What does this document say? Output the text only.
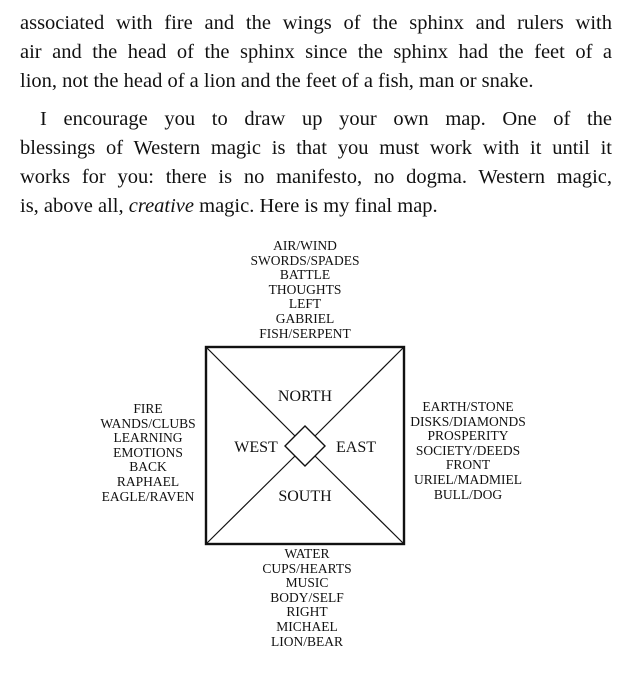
associated with fire and the wings of the sphinx and rulers with
air and the head of the sphinx since the sphinx had the feet of a
lion, not the head of a lion and the feet of a fish, man or snake.

I encourage you to draw up your own map. One of the
blessings of Western magic is that you must work with it until it
works for you: there is no manifesto, no dogma. Western magic,
is, above all, creative magic. Here is my final map.

AIR/WIND
SWORDS/SPADES
BATTLE
THOUGHTS
LEFT
GABRIEL
FISH/SERPENT
FIRE
WANDS/CLUBS
LEARNING
EMOTIONS
BACK
RAPHAEL
EAGLE/RAVEN
EARTH/STONE
DISKS/DIAMONDS
PROSPERITY
SOCIETY/DEEDS
FRONT
URIEL/MADMIEL
BULL/DOG
WATER
CUPS/HEARTS
MUSIC
BODY/SELF
RIGHT
MICHAEL
LION/BEAR
NORTH
SOUTH
WEST	EAST
